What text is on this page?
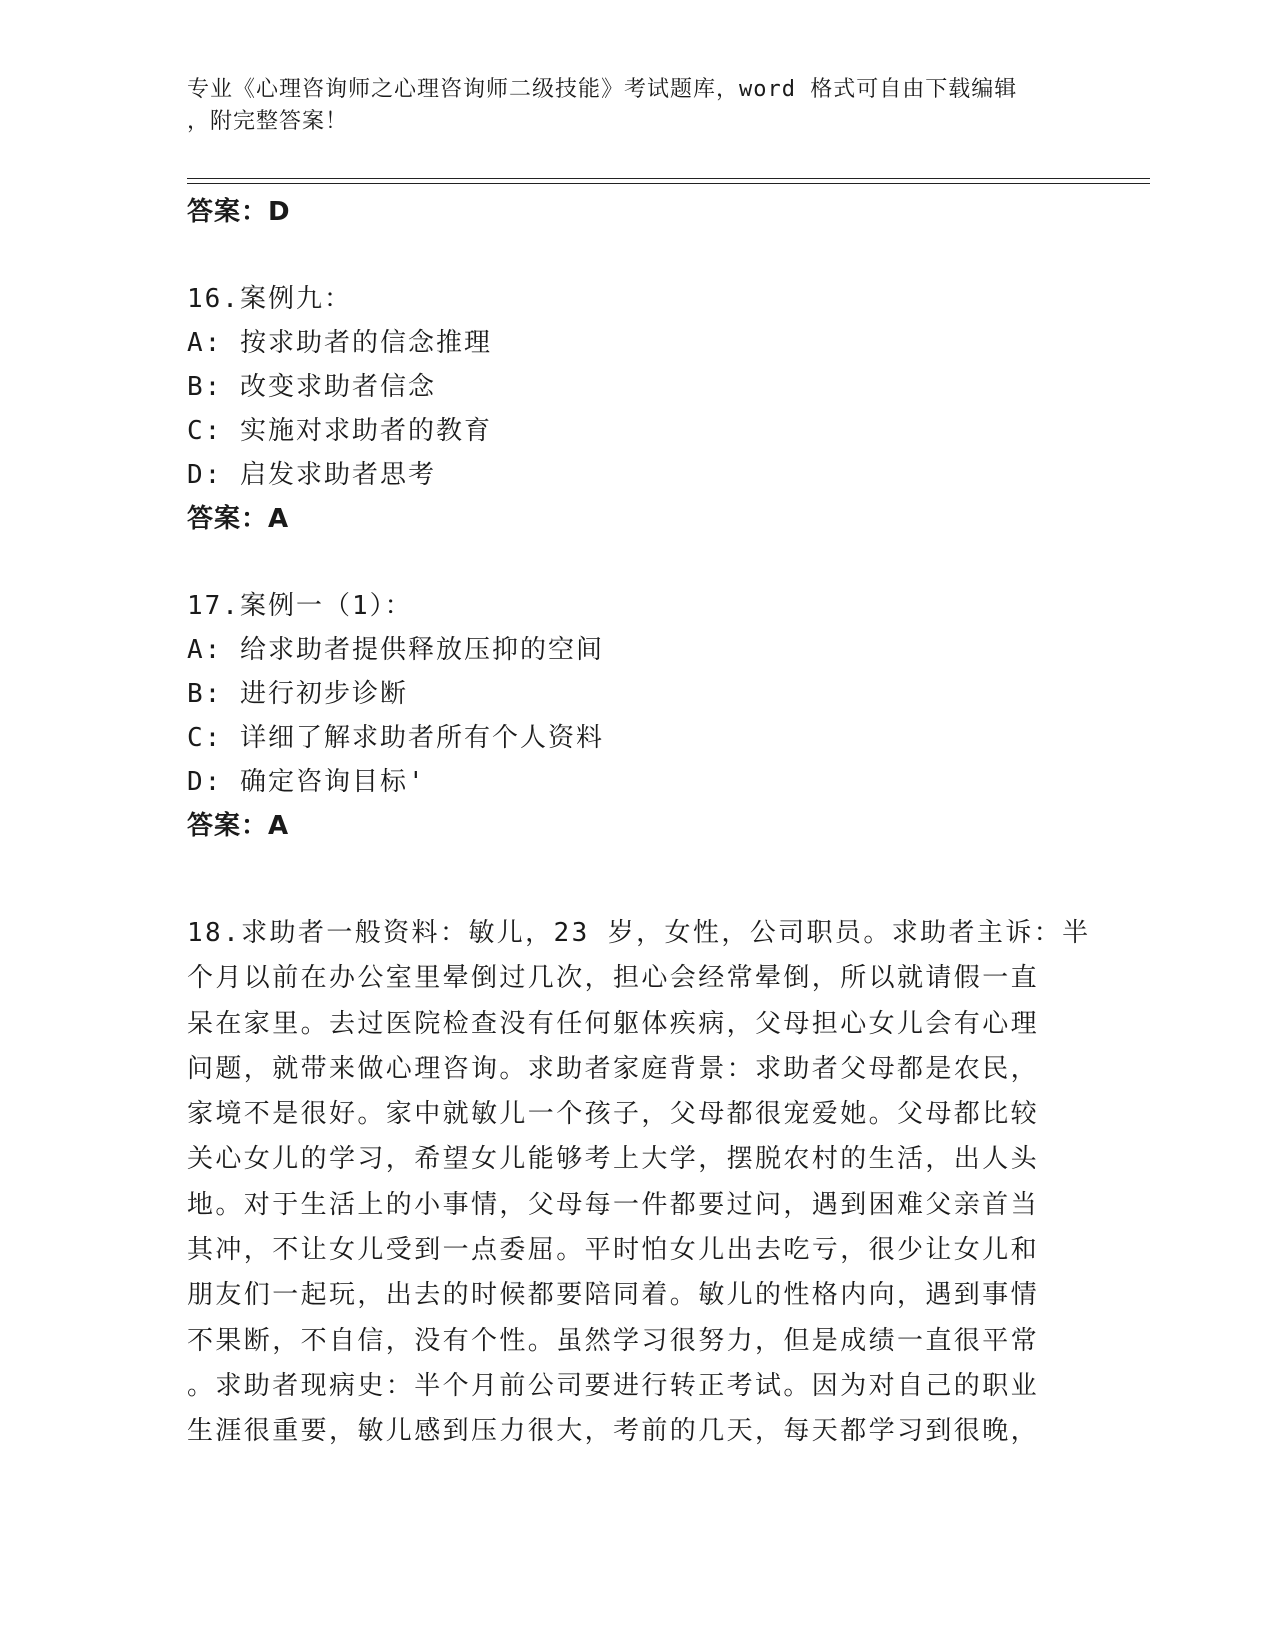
专业《心理咨询师之心理咨询师二级技能》考试题库，word 格式可自由下载编辑
，附完整答案！
答案：D
16.案例九：
A: 按求助者的信念推理
B: 改变求助者信念
C: 实施对求助者的教育
D: 启发求助者思考
答案：A
17.案例一（1）：
A: 给求助者提供释放压抑的空间
B: 进行初步诊断
C: 详细了解求助者所有个人资料
D: 确定咨询目标'
答案：A
18.求助者一般资料：敏儿，23 岁，女性，公司职员。求助者主诉：半
个月以前在办公室里晕倒过几次，担心会经常晕倒，所以就请假一直
呆在家里。去过医院检查没有任何躯体疾病，父母担心女儿会有心理
问题，就带来做心理咨询。求助者家庭背景：求助者父母都是农民，
家境不是很好。家中就敏儿一个孩子，父母都很宠爱她。父母都比较
关心女儿的学习，希望女儿能够考上大学，摆脱农村的生活，出人头
地。对于生活上的小事情，父母每一件都要过问，遇到困难父亲首当
其冲，不让女儿受到一点委屈。平时怕女儿出去吃亏，很少让女儿和
朋友们一起玩，出去的时候都要陪同着。敏儿的性格内向，遇到事情
不果断，不自信，没有个性。虽然学习很努力，但是成绩一直很平常
。求助者现病史：半个月前公司要进行转正考试。因为对自己的职业
生涯很重要，敏儿感到压力很大，考前的几天，每天都学习到很晚，
